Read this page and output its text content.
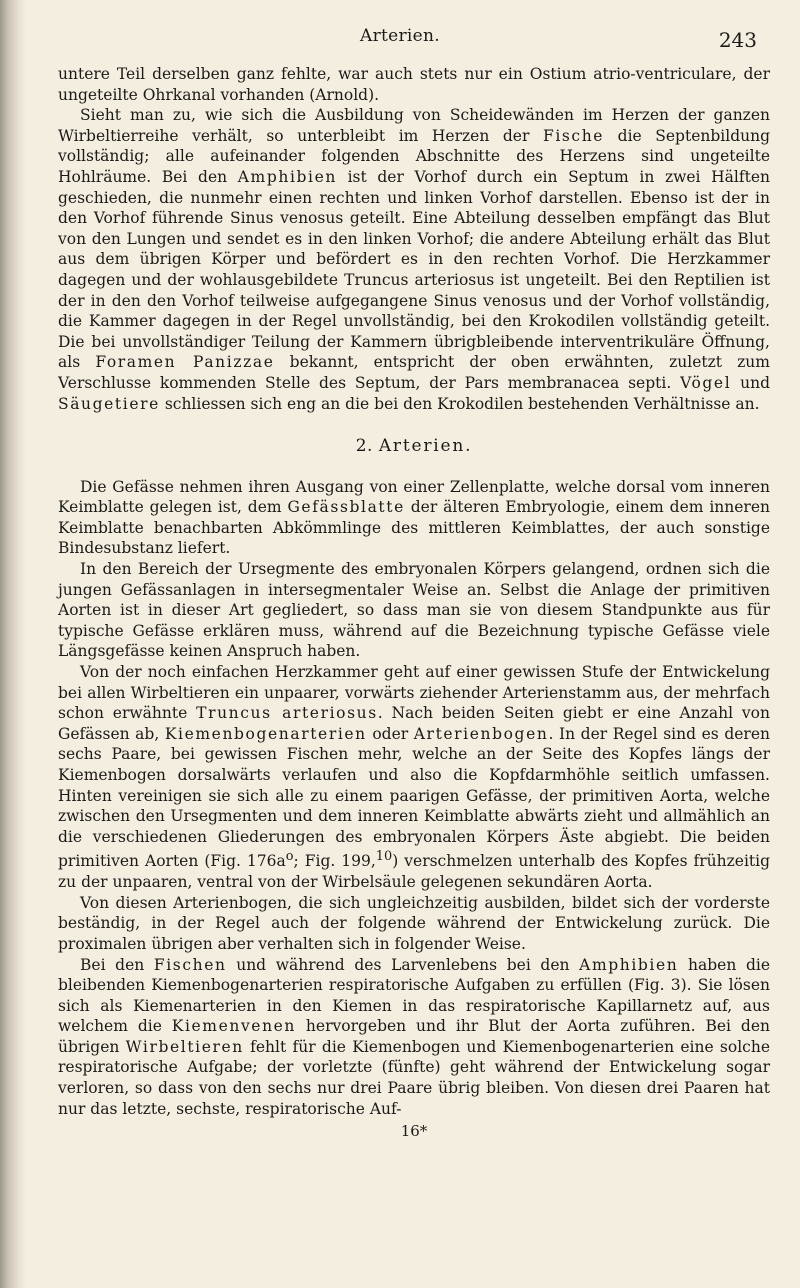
Arterien.	243

untere Teil derselben ganz fehlte, war auch stets nur ein Ostium atrio-ventriculare, der ungeteilte Ohrkanal vorhanden (Arnold).

Sieht man zu, wie sich die Ausbildung von Scheidewänden im Herzen der ganzen Wirbeltierreihe verhält, so unterbleibt im Herzen der Fische die Septenbildung vollständig; alle aufeinander folgenden Abschnitte des Herzens sind ungeteilte Hohlräume. Bei den Amphibien ist der Vorhof durch ein Septum in zwei Hälften geschieden, die nunmehr einen rechten und linken Vorhof darstellen. Ebenso ist der in den Vorhof führende Sinus venosus geteilt. Eine Abteilung desselben empfängt das Blut von den Lungen und sendet es in den linken Vorhof; die andere Abteilung erhält das Blut aus dem übrigen Körper und befördert es in den rechten Vorhof. Die Herzkammer dagegen und der wohlausgebildete Truncus arteriosus ist ungeteilt. Bei den Reptilien ist der in den den Vorhof teilweise aufgegangene Sinus venosus und der Vorhof vollständig, die Kammer dagegen in der Regel unvollständig, bei den Krokodilen vollständig geteilt. Die bei unvollständiger Teilung der Kammern übrigbleibende interventrikuläre Öffnung, als Foramen Panizzae bekannt, entspricht der oben erwähnten, zuletzt zum Verschlusse kommenden Stelle des Septum, der Pars membranacea septi. Vögel und Säugetiere schliessen sich eng an die bei den Krokodilen bestehenden Verhältnisse an.

2. Arterien.

Die Gefässe nehmen ihren Ausgang von einer Zellenplatte, welche dorsal vom inneren Keimblatte gelegen ist, dem Gefässblatte der älteren Embryologie, einem dem inneren Keimblatte benachbarten Abkömmlinge des mittleren Keimblattes, der auch sonstige Bindesubstanz liefert.

In den Bereich der Ursegmente des embryonalen Körpers gelangend, ordnen sich die jungen Gefässanlagen in intersegmentaler Weise an. Selbst die Anlage der primitiven Aorten ist in dieser Art gegliedert, so dass man sie von diesem Standpunkte aus für typische Gefässe erklären muss, während auf die Bezeichnung typische Gefässe viele Längsgefässe keinen Anspruch haben.

Von der noch einfachen Herzkammer geht auf einer gewissen Stufe der Entwickelung bei allen Wirbeltieren ein unpaarer, vorwärts ziehender Arterienstamm aus, der mehrfach schon erwähnte Truncus arteriosus. Nach beiden Seiten giebt er eine Anzahl von Gefässen ab, Kiemenbogenarterien oder Arterienbogen. In der Regel sind es deren sechs Paare, bei gewissen Fischen mehr, welche an der Seite des Kopfes längs der Kiemenbogen dorsalwärts verlaufen und also die Kopfdarmhöhle seitlich umfassen. Hinten vereinigen sie sich alle zu einem paarigen Gefässe, der primitiven Aorta, welche zwischen den Ursegmenten und dem inneren Keimblatte abwärts zieht und allmählich an die verschiedenen Gliederungen des embryonalen Körpers Äste abgiebt. Die beiden primitiven Aorten (Fig. $176a^o$; Fig. 199,10) verschmelzen unterhalb des Kopfes frühzeitig zu der unpaaren, ventral von der Wirbelsäule gelegenen sekundären Aorta.

Von diesen Arterienbogen, die sich ungleichzeitig ausbilden, bildet sich der vorderste beständig, in der Regel auch der folgende während der Entwickelung zurück. Die proximalen übrigen aber verhalten sich in folgender Weise.

Bei den Fischen und während des Larvenlebens bei den Amphibien haben die bleibenden Kiemenbogenarterien respiratorische Aufgaben zu erfüllen (Fig. 3). Sie lösen sich als Kiemenarterien in den Kiemen in das respiratorische Kapillarnetz auf, aus welchem die Kiemenvenen hervorgeben und ihr Blut der Aorta zuführen. Bei den übrigen Wirbeltieren fehlt für die Kiemenbogen und Kiemenbogenarterien eine solche respiratorische Aufgabe; der vorletzte (fünfte) geht während der Entwickelung sogar verloren, so dass von den sechs nur drei Paare übrig bleiben. Von diesen drei Paaren hat nur das letzte, sechste, respiratorische Auf-

16*
